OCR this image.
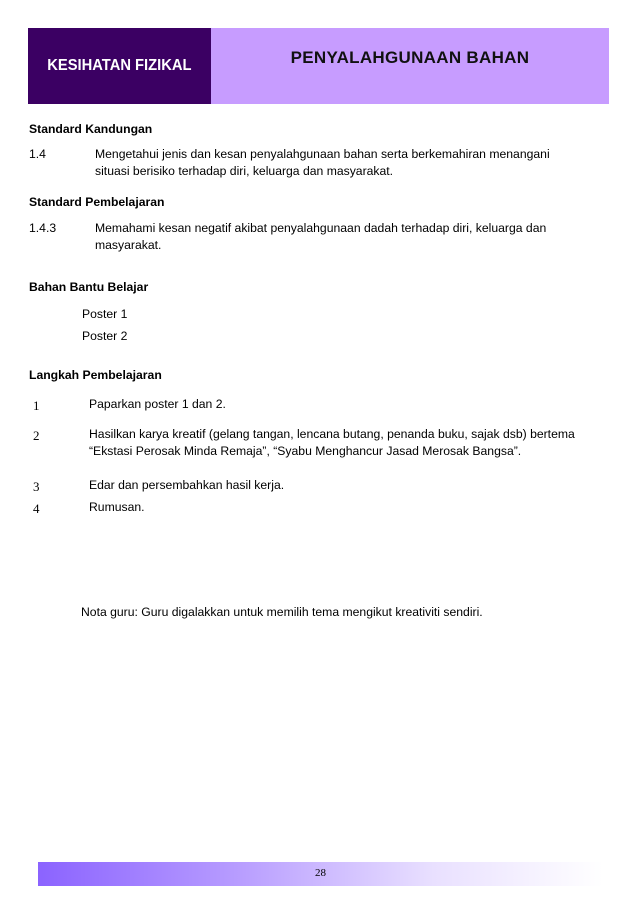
KESIHATAN FIZIKAL	PENYALAHGUNAAN BAHAN
Standard Kandungan
1.4	Mengetahui jenis dan kesan penyalahgunaan bahan serta berkemahiran menangani
situasi berisiko terhadap diri, keluarga dan masyarakat.
Standard Pembelajaran
1.4.3	Memahami kesan negatif akibat penyalahgunaan dadah terhadap diri, keluarga dan
masyarakat.
Bahan Bantu Belajar
Poster 1
Poster 2
Langkah Pembelajaran
1	Paparkan poster 1 dan 2.
2	Hasilkan karya kreatif (gelang tangan, lencana butang, penanda buku, sajak dsb) bertema
“Ekstasi Perosak Minda Remaja”, “Syabu Menghancur Jasad Merosak Bangsa”.
3	Edar dan persembahkan hasil kerja.
4	Rumusan.
Nota guru: Guru digalakkan untuk memilih tema mengikut kreativiti sendiri.
28
